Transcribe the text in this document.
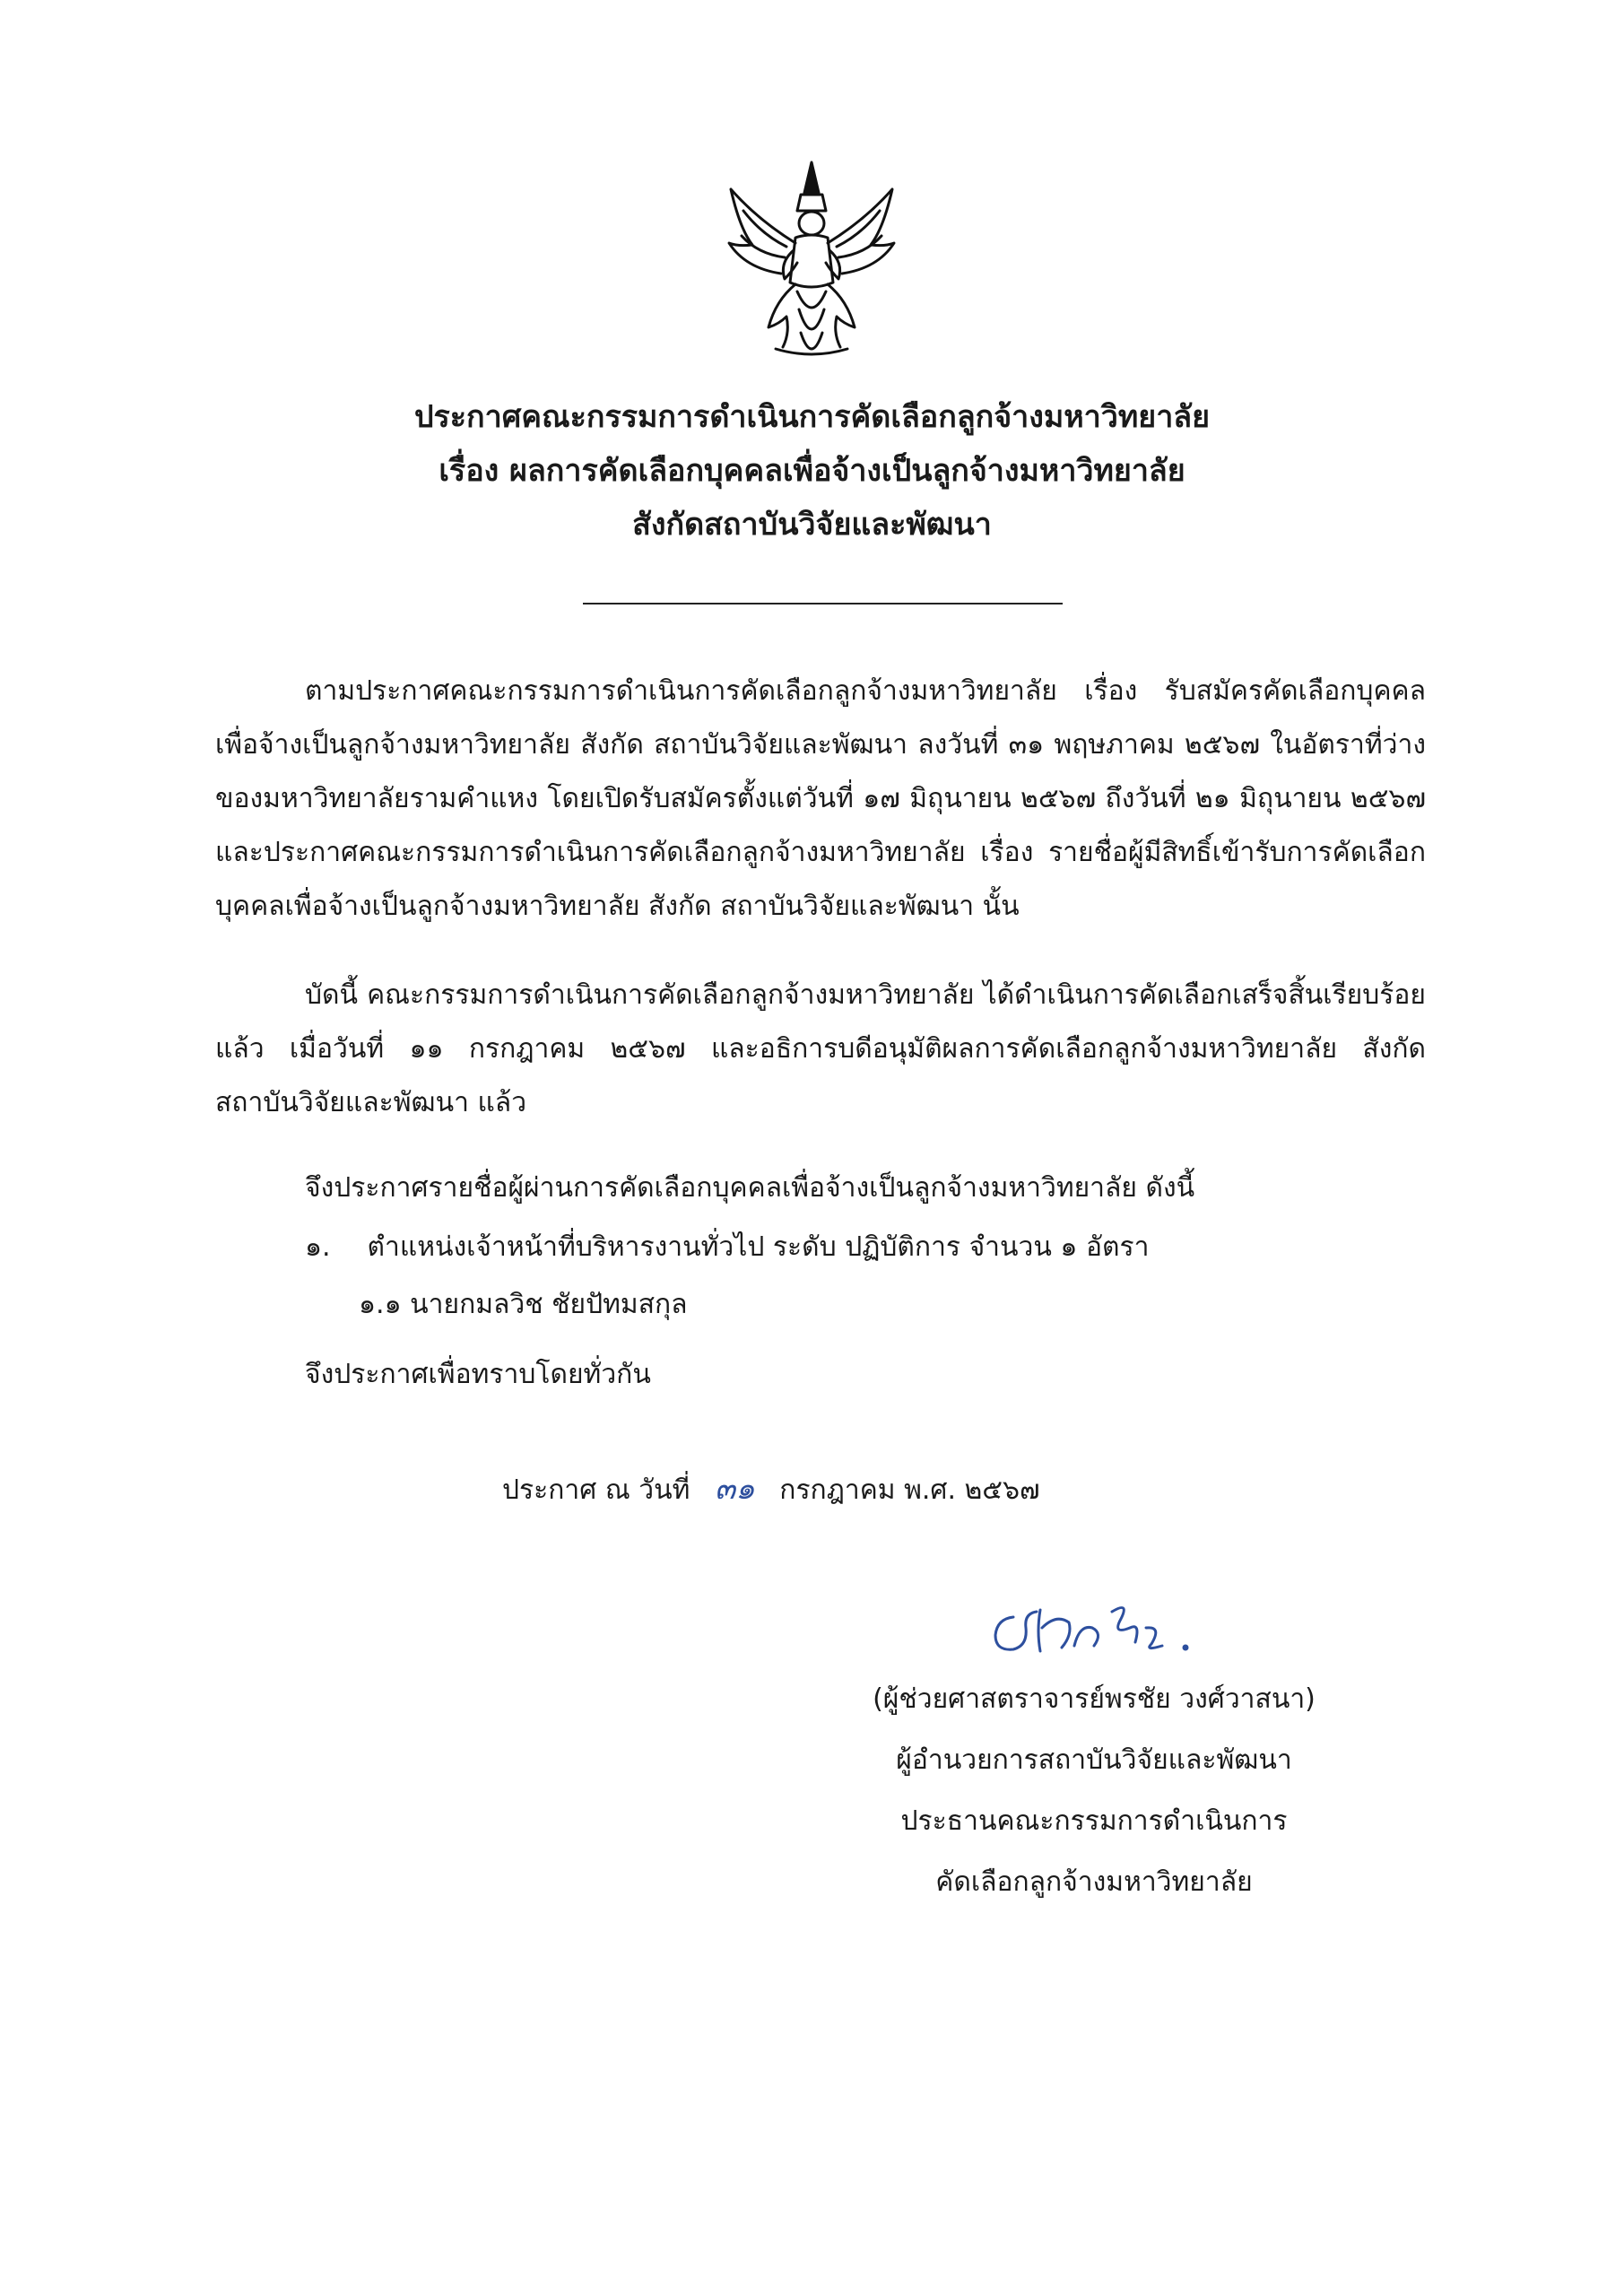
ประกาศคณะกรรมการดำเนินการคัดเลือกลูกจ้างมหาวิทยาลัย
เรื่อง ผลการคัดเลือกบุคคลเพื่อจ้างเป็นลูกจ้างมหาวิทยาลัย
สังกัดสถาบันวิจัยและพัฒนา

ตามประกาศคณะกรรมการดำเนินการคัดเลือกลูกจ้างมหาวิทยาลัย เรื่อง รับสมัครคัดเลือกบุคคลเพื่อจ้างเป็นลูกจ้างมหาวิทยาลัย สังกัด สถาบันวิจัยและพัฒนา ลงวันที่ ๓๑ พฤษภาคม ๒๕๖๗ ในอัตราที่ว่างของมหาวิทยาลัยรามคำแหง โดยเปิดรับสมัครตั้งแต่วันที่ ๑๗ มิถุนายน ๒๕๖๗ ถึงวันที่ ๒๑ มิถุนายน ๒๕๖๗ และประกาศคณะกรรมการดำเนินการคัดเลือกลูกจ้างมหาวิทยาลัย เรื่อง รายชื่อผู้มีสิทธิ์เข้ารับการคัดเลือกบุคคลเพื่อจ้างเป็นลูกจ้างมหาวิทยาลัย สังกัด สถาบันวิจัยและพัฒนา นั้น

บัดนี้ คณะกรรมการดำเนินการคัดเลือกลูกจ้างมหาวิทยาลัย ได้ดำเนินการคัดเลือกเสร็จสิ้นเรียบร้อยแล้ว เมื่อวันที่ ๑๑ กรกฎาคม ๒๕๖๗ และอธิการบดีอนุมัติผลการคัดเลือกลูกจ้างมหาวิทยาลัย สังกัด สถาบันวิจัยและพัฒนา แล้ว

จึงประกาศรายชื่อผู้ผ่านการคัดเลือกบุคคลเพื่อจ้างเป็นลูกจ้างมหาวิทยาลัย ดังนี้

๑. ตำแหน่งเจ้าหน้าที่บริหารงานทั่วไป ระดับ ปฏิบัติการ จำนวน ๑ อัตรา

๑.๑ นายกมลวิช ชัยปัทมสกุล

จึงประกาศเพื่อทราบโดยทั่วกัน

ประกาศ ณ วันที่ ๓๑ กรกฎาคม พ.ศ. ๒๕๖๗
(ผู้ช่วยศาสตราจารย์พรชัย วงศ์วาสนา)
ผู้อำนวยการสถาบันวิจัยและพัฒนา
ประธานคณะกรรมการดำเนินการ
คัดเลือกลูกจ้างมหาวิทยาลัย
